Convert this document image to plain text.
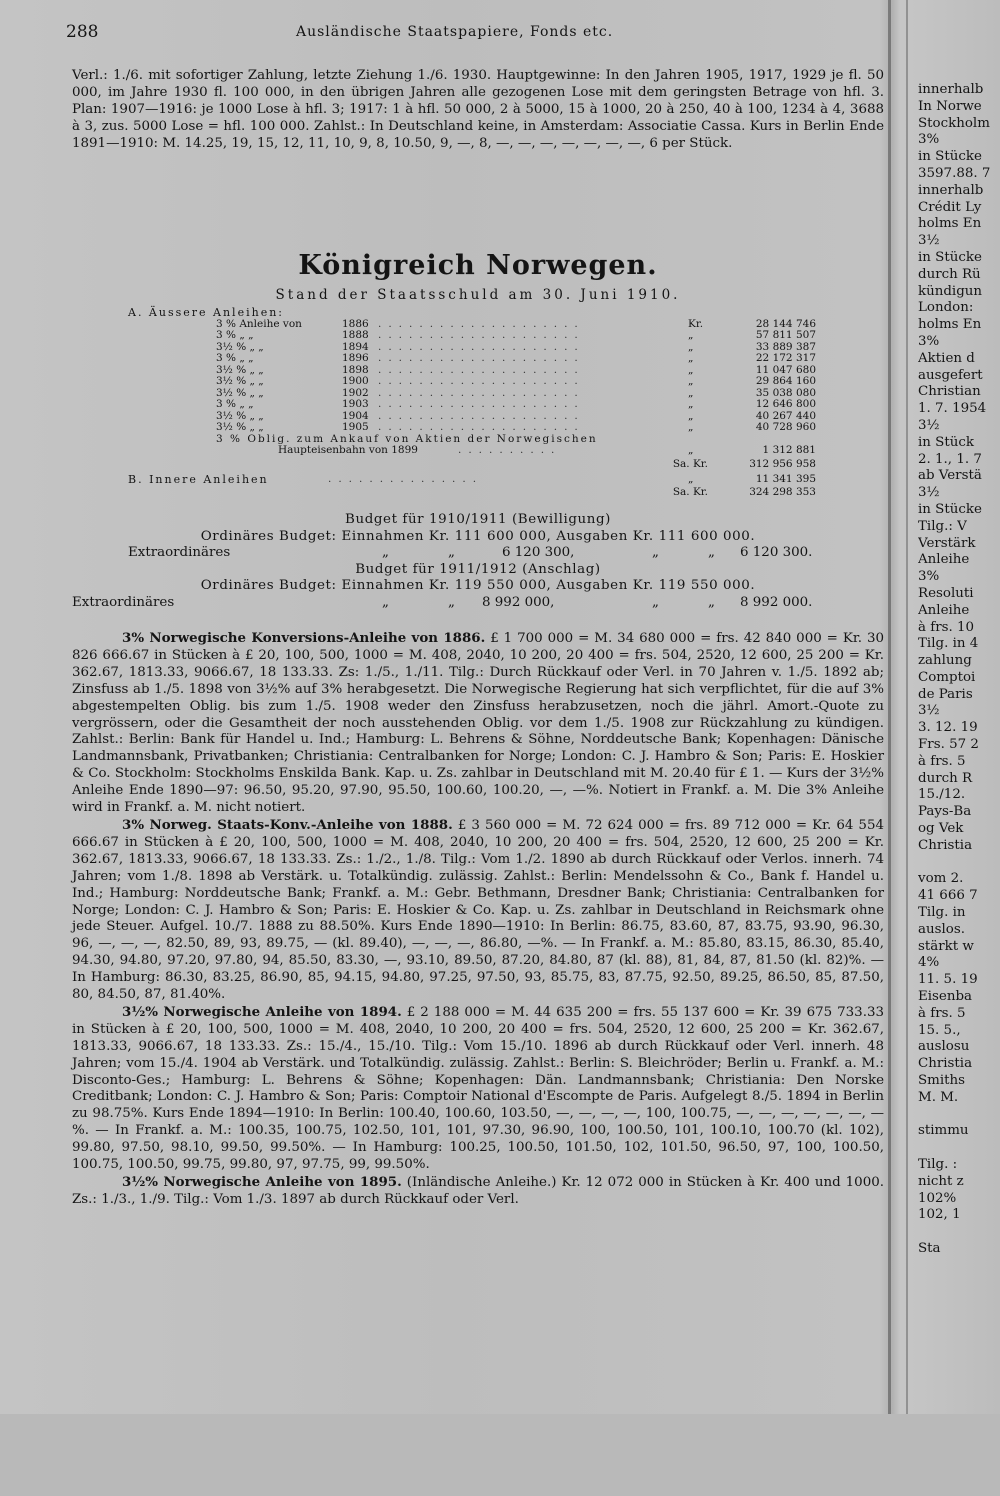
288	Ausländische Staatspapiere, Fonds etc.

Verl.: 1./6. mit sofortiger Zahlung, letzte Ziehung 1./6. 1930. Hauptgewinne: In den Jahren 1905, 1917, 1929 je fl. 50 000, im Jahre 1930 fl. 100 000, in den übrigen Jahren alle gezogenen Lose mit dem geringsten Betrage von hfl. 3. Plan: 1907—1916: je 1000 Lose à hfl. 3; 1917: 1 à hfl. 50 000, 2 à 5000, 15 à 1000, 20 à 250, 40 à 100, 1234 à 4, 3688 à 3, zus. 5000 Lose = hfl. 100 000. Zahlst.: In Deutschland keine, in Amsterdam: Associatie Cassa. Kurs in Berlin Ende 1891—1910: M. 14.25, 19, 15, 12, 11, 10, 9, 8, 10.50, 9, —, 8, —, —, —, —, —, —, —, 6 per Stück.

Königreich Norwegen.
Stand der Staatsschuld am 30. Juni 1910.
A. Äussere Anleihen:
3 % Anleihe von	1886	Kr.	28 144 746
....................
3 % „ „	1888	„	57 811 507
....................
3½ % „ „	1894	„	33 889 387
....................
3 % „ „	1896	„	22 172 317
....................
3½ % „ „	1898	„	11 047 680
....................
3½ % „ „	1900	„	29 864 160
....................
3½ % „ „	1902	„	35 038 080
....................
3 % „ „	1903	„	12 646 800
....................
3½ % „ „	1904	„	40 267 440
....................
3½ % „ „	1905	„	40 728 960
....................
3 % Oblig. zum Ankauf von Aktien der Norwegischen
Haupteisenbahn von 1899	..........	„	1 312 881
Sa. Kr.	312 956 958
B. Innere Anleihen	...............	„	11 341 395
Sa. Kr.	324 298 353
Budget für 1910/1911 (Bewilligung)
Ordinäres Budget: Einnahmen Kr. 111 600 000, Ausgaben Kr. 111 600 000.
Extraordinäres	„	„	6 120 300,	„	„ 6 120 300.
Budget für 1911/1912 (Anschlag)
Ordinäres Budget: Einnahmen Kr. 119 550 000, Ausgaben Kr. 119 550 000.
Extraordinäres	„	„ 8 992 000,	„	„ 8 992 000.

3% Norwegische Konversions-Anleihe von 1886. £ 1 700 000 = M. 34 680 000 = frs. 42 840 000 = Kr. 30 826 666.67 in Stücken à £ 20, 100, 500, 1000 = M. 408, 2040, 10 200, 20 400 = frs. 504, 2520, 12 600, 25 200 = Kr. 362.67, 1813.33, 9066.67, 18 133.33. Zs: 1./5., 1./11. Tilg.: Durch Rückkauf oder Verl. in 70 Jahren v. 1./5. 1892 ab; Zinsfuss ab 1./5. 1898 von 3½% auf 3% herabgesetzt. Die Norwegische Regierung hat sich verpflichtet, für die auf 3% abgestempelten Oblig. bis zum 1./5. 1908 weder den Zinsfuss herabzusetzen, noch die jährl. Amort.-Quote zu vergrössern, oder die Gesamtheit der noch ausstehenden Oblig. vor dem 1./5. 1908 zur Rückzahlung zu kündigen. Zahlst.: Berlin: Bank für Handel u. Ind.; Hamburg: L. Behrens & Söhne, Norddeutsche Bank; Kopenhagen: Dänische Landmannsbank, Privatbanken; Christiania: Centralbanken for Norge; London: C. J. Hambro & Son; Paris: E. Hoskier & Co. Stockholm: Stockholms Enskilda Bank. Kap. u. Zs. zahlbar in Deutschland mit M. 20.40 für £ 1. — Kurs der 3½% Anleihe Ende 1890—97: 96.50, 95.20, 97.90, 95.50, 100.60, 100.20, —, —%. Notiert in Frankf. a. M. Die 3% Anleihe wird in Frankf. a. M. nicht notiert.

3% Norweg. Staats-Konv.-Anleihe von 1888. £ 3 560 000 = M. 72 624 000 = frs. 89 712 000 = Kr. 64 554 666.67 in Stücken à £ 20, 100, 500, 1000 = M. 408, 2040, 10 200, 20 400 = frs. 504, 2520, 12 600, 25 200 = Kr. 362.67, 1813.33, 9066.67, 18 133.33. Zs.: 1./2., 1./8. Tilg.: Vom 1./2. 1890 ab durch Rückkauf oder Verlos. innerh. 74 Jahren; vom 1./8. 1898 ab Verstärk. u. Totalkündig. zulässig. Zahlst.: Berlin: Mendelssohn & Co., Bank f. Handel u. Ind.; Hamburg: Norddeutsche Bank; Frankf. a. M.: Gebr. Bethmann, Dresdner Bank; Christiania: Centralbanken for Norge; London: C. J. Hambro & Son; Paris: E. Hoskier & Co. Kap. u. Zs. zahlbar in Deutschland in Reichsmark ohne jede Steuer. Aufgel. 10./7. 1888 zu 88.50%. Kurs Ende 1890—1910: In Berlin: 86.75, 83.60, 87, 83.75, 93.90, 96.30, 96, —, —, —, 82.50, 89, 93, 89.75, — (kl. 89.40), —, —, —, 86.80, —%. — In Frankf. a. M.: 85.80, 83.15, 86.30, 85.40, 94.30, 94.80, 97.20, 97.80, 94, 85.50, 83.30, —, 93.10, 89.50, 87.20, 84.80, 87 (kl. 88), 81, 84, 87, 81.50 (kl. 82)%. — In Hamburg: 86.30, 83.25, 86.90, 85, 94.15, 94.80, 97.25, 97.50, 93, 85.75, 83, 87.75, 92.50, 89.25, 86.50, 85, 87.50, 80, 84.50, 87, 81.40%.

3½% Norwegische Anleihe von 1894. £ 2 188 000 = M. 44 635 200 = frs. 55 137 600 = Kr. 39 675 733.33 in Stücken à £ 20, 100, 500, 1000 = M. 408, 2040, 10 200, 20 400 = frs. 504, 2520, 12 600, 25 200 = Kr. 362.67, 1813.33, 9066.67, 18 133.33. Zs.: 15./4., 15./10. Tilg.: Vom 15./10. 1896 ab durch Rückkauf oder Verl. innerh. 48 Jahren; vom 15./4. 1904 ab Verstärk. und Totalkündig. zulässig. Zahlst.: Berlin: S. Bleichröder; Berlin u. Frankf. a. M.: Disconto-Ges.; Hamburg: L. Behrens & Söhne; Kopenhagen: Dän. Landmannsbank; Christiania: Den Norske Creditbank; London: C. J. Hambro & Son; Paris: Comptoir National d'Escompte de Paris. Aufgelegt 8./5. 1894 in Berlin zu 98.75%. Kurs Ende 1894—1910: In Berlin: 100.40, 100.60, 103.50, —, —, —, —, 100, 100.75, —, —, —, —, —, —, —%. — In Frankf. a. M.: 100.35, 100.75, 102.50, 101, 101, 97.30, 96.90, 100, 100.50, 101, 100.10, 100.70 (kl. 102), 99.80, 97.50, 98.10, 99.50, 99.50%. — In Hamburg: 100.25, 100.50, 101.50, 102, 101.50, 96.50, 97, 100, 100.50, 100.75, 100.50, 99.75, 99.80, 97, 97.75, 99, 99.50%.

3½% Norwegische Anleihe von 1895. (Inländische Anleihe.) Kr. 12 072 000 in Stücken à Kr. 400 und 1000. Zs.: 1./3., 1./9. Tilg.: Vom 1./3. 1897 ab durch Rückkauf oder Verl.

innerhalb
In Norwe
Stockholm
3%
in Stücke
3597.88. 7
innerhalb
Crédit Ly
holms En
3½
in Stücke
durch Rü
kündigun
London:
holms En
3%
Aktien d
ausgefert
Christian
1. 7. 1954
3½
in Stück
2. 1., 1. 7
ab Verstä
3½
in Stücke
Tilg.: V
Verstärk
Anleihe
3%
Resoluti
Anleihe
à frs. 10
Tilg. in 4
zahlung
Comptoi
de Paris
3½
3. 12. 19
Frs. 57 2
à frs. 5
durch R
15./12.
Pays-Ba
og Vek
Christia
vom 2.
41 666 7
Tilg. in
auslos.
stärkt w
4%
11. 5. 19
Eisenba
à frs. 5
15. 5.,
auslosu
Christia
Smiths
M. M.
stimmu
Tilg. :
nicht z
102%
102, 1
Sta
